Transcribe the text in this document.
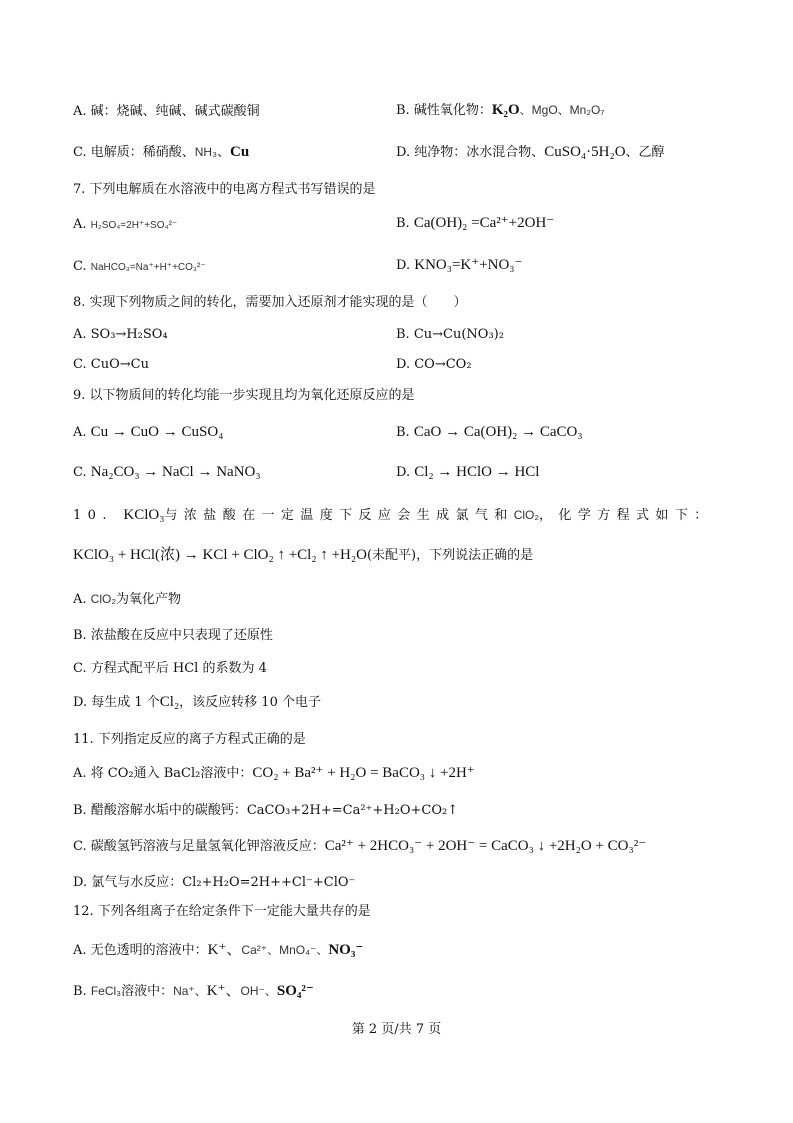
A. 碱：烧碱、纯碱、碱式碳酸铜	B. 碱性氧化物：K₂O、MgO、Mn₂O₇
C. 电解质：稀硝酸、NH₃、Cu	D. 纯净物：冰水混合物、CuSO₄·5H₂O、乙醇
7. 下列电解质在水溶液中的电离方程式书写错误的是
A. H₂SO₄=2H⁺+SO₄²⁻	B. Ca(OH)₂ =Ca²⁺+2OH⁻
C. NaHCO₃=Na⁺+H⁺+CO₃²⁻	D. KNO₃=K⁺+NO₃⁻
8. 实现下列物质之间的转化，需要加入还原剂才能实现的是（　　）
A. SO₃→H₂SO₄	B. Cu→Cu(NO₃)₂
C. CuO→Cu	D. CO→CO₂
9. 以下物质间的转化均能一步实现且均为氧化还原反应的是
A. Cu → CuO → CuSO₄	B. CaO → Ca(OH)₂ → CaCO₃
C. Na₂CO₃ → NaCl → NaNO₃	D. Cl₂ → HClO → HCl
10. KClO₃与浓盐酸在一定温度下反应会生成氯气和ClO₂，化学方程式如下：
KClO₃ + HCl(浓) → KCl + ClO₂ ↑ +Cl₂ ↑ +H₂O(未配平)，下列说法正确的是
A. ClO₂为氧化产物
B. 浓盐酸在反应中只表现了还原性
C. 方程式配平后 HCl 的系数为 4
D. 每生成 1 个Cl₂，该反应转移 10 个电子
11. 下列指定反应的离子方程式正确的是
A. 将 CO₂通入 BaCl₂溶液中：CO₂ + Ba²⁺ + H₂O = BaCO₃ ↓ +2H⁺
B. 醋酸溶解水垢中的碳酸钙：CaCO₃+2H+=Ca²⁺+H₂O+CO₂↑
C. 碳酸氢钙溶液与足量氢氧化钾溶液反应：Ca²⁺ + 2HCO₃⁻ + 2OH⁻ = CaCO₃ ↓ +2H₂O + CO₃²⁻
D. 氯气与水反应：Cl₂+H₂O=2H++Cl⁻+ClO⁻
12. 下列各组离子在给定条件下一定能大量共存的是
A. 无色透明的溶液中：K⁺、Ca²⁺、MnO₄⁻、NO₃⁻
B. FeCl₃溶液中：Na⁺、K⁺、OH⁻、SO₄²⁻
第 2 页/共 7 页
